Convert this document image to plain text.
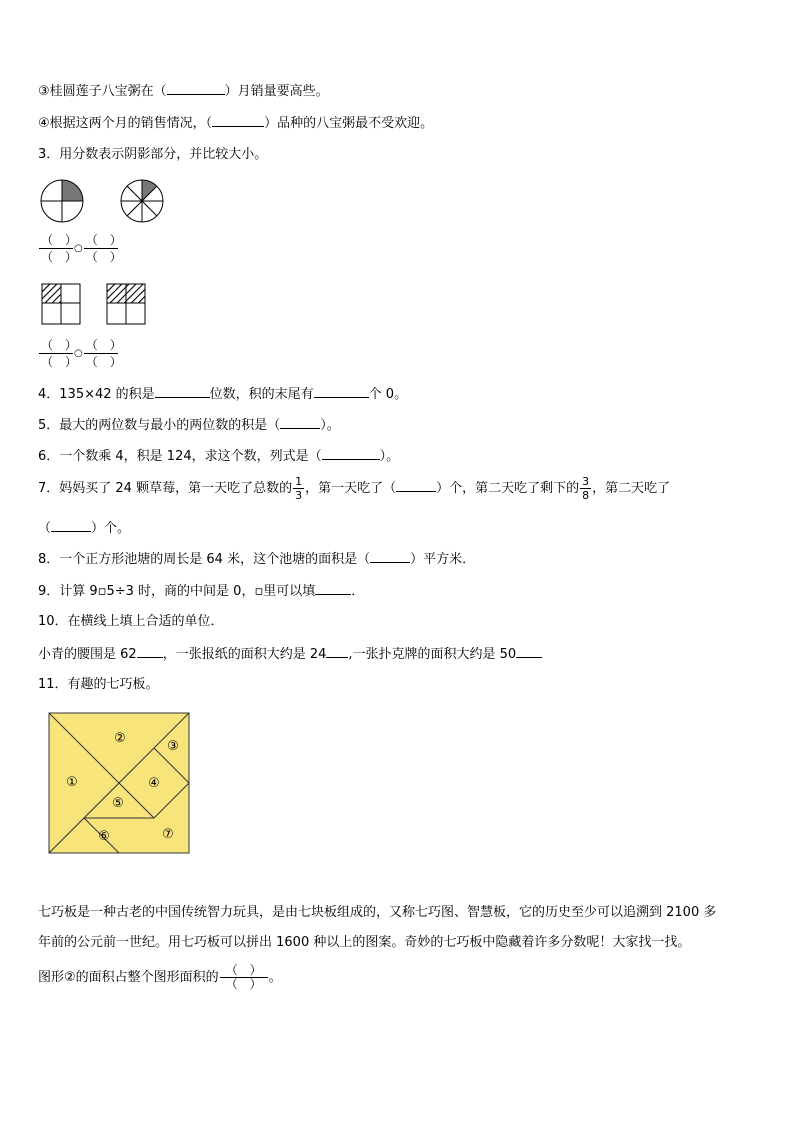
③桂圆莲子八宝粥在（	）月销量要高些。
④根据这两个月的销售情况，（	）品种的八宝粥最不受欢迎。
3．用分数表示阴影部分，并比较大小。
$\frac{( )}{( )}$ ○ $\frac{( )}{( )}$
$\frac{( )}{( )}$ ○ $\frac{( )}{( )}$
4．135×42 的积是	位数，积的末尾有	个 0。
5．最大的两位数与最小的两位数的积是（	）。
6．一个数乘 4，积是 124，求这个数，列式是（	）。
7．妈妈买了 24 颗草莓，第一天吃了总数的 $\frac{1}{3}$ ，第一天吃了（	）个，第二天吃了剩下的 $\frac{3}{8}$ ，第二天吃了
（	）个。
8．一个正方形池塘的周长是 64 米，这个池塘的面积是（	）平方米．
9．计算 9▫5÷3 时，商的中间是 0，▫里可以填	．
10．在横线上填上合适的单位．
小青的腰围是 62 ，一张报纸的面积大约是 24 ,一张扑克牌的面积大约是 50
11．有趣的七巧板。
①
②
③
④
⑤
⑥	⑦
七巧板是一种古老的中国传统智力玩具，是由七块板组成的，又称七巧图、智慧板，它的历史至少可以追溯到 2100 多
年前的公元前一世纪。用七巧板可以拼出 1600 种以上的图案。奇妙的七巧板中隐藏着许多分数呢！大家找一找。
图形②的面积占整个图形面积的 $\frac{( )}{( )}$ 。
